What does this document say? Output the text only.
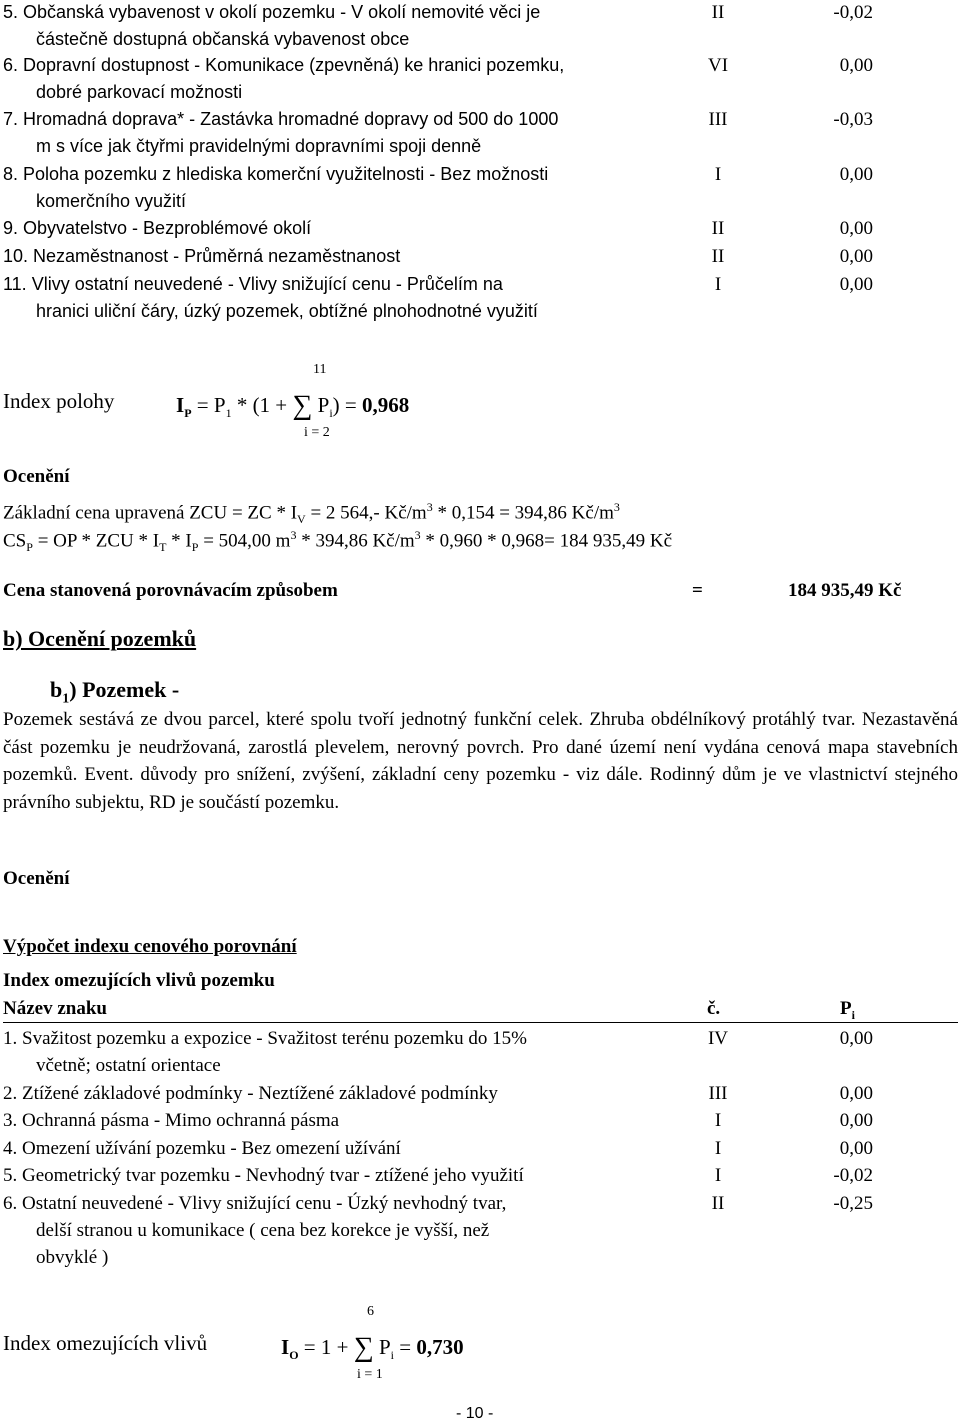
5. Občanská vybavenost v okolí pozemku - V okolí nemovité věci je
částečně dostupná občanská vybavenost obce
II	-0,02
6. Dopravní dostupnost - Komunikace (zpevněná) ke hranici pozemku,
dobré parkovací možnosti
VI	0,00
7. Hromadná doprava* - Zastávka hromadné dopravy od 500 do 1000
m s více jak čtyřmi pravidelnými dopravními spoji denně
III	-0,03
8. Poloha pozemku z hlediska komerční využitelnosti - Bez možnosti
komerčního využití
I	0,00
9. Obyvatelstvo - Bezproblémové okolí	II	0,00
10. Nezaměstnanost - Průměrná nezaměstnanost	II	0,00
11. Vlivy ostatní neuvedené - Vlivy snižující cenu - Průčelím na
hranici uliční čáry, úzký pozemek, obtížné plnohodnotné využití
I	0,00
Index polohy
11
i = 2
$I_P = P_1 * (1$ + ∑ $P_i) = 0,968$
Ocenění
Základní cena upravená ZCU = ZC * $I_V = 2$ 564,- $Kč/m^3 * 0,154 = 394,86$ $Kč/m^3$
$CS_P$ = OP * ZCU * $I_T * I_P = 504,00$ $m^3 * 394,86$ $Kč/m^3 * 0,960 * 0,968= 184$ 935,49 Kč
Cena stanovená porovnávacím způsobem	=	184 935,49 Kč
b) Ocenění pozemků
$b_1$) Pozemek -
Pozemek sestává ze dvou parcel, které spolu tvoří jednotný funkční celek. Zhruba obdélníkový protáhlý tvar. Nezastavěná část pozemku je neudržovaná, zarostlá plevelem, nerovný povrch. Pro dané území není vydána cenová mapa stavebních pozemků. Event. důvody pro snížení, zvýšení, základní ceny pozemku - viz dále. Rodinný dům je ve vlastnictví stejného právního subjektu, RD je součástí pozemku.
Ocenění
Výpočet indexu cenového porovnání
Index omezujících vlivů pozemku
Název znaku	č.	$P_i$
1. Svažitost pozemku a expozice - Svažitost terénu pozemku do 15%
včetně; ostatní orientace
IV	0,00
2. Ztížené základové podmínky - Neztížené základové podmínky	III	0,00
3. Ochranná pásma - Mimo ochranná pásma	I	0,00
4. Omezení užívání pozemku - Bez omezení užívání	I	0,00
5. Geometrický tvar pozemku - Nevhodný tvar - ztížené jeho využití	I	-0,02
6. Ostatní neuvedené - Vlivy snižující cenu - Úzký nevhodný tvar,
delší stranou u komunikace ( cena bez korekce je vyšší, než
obvyklé )
II	-0,25
Index omezujících vlivů
6
i = 1
$I_O = 1$ + ∑ $P_i = 0,730$
- 10 -
